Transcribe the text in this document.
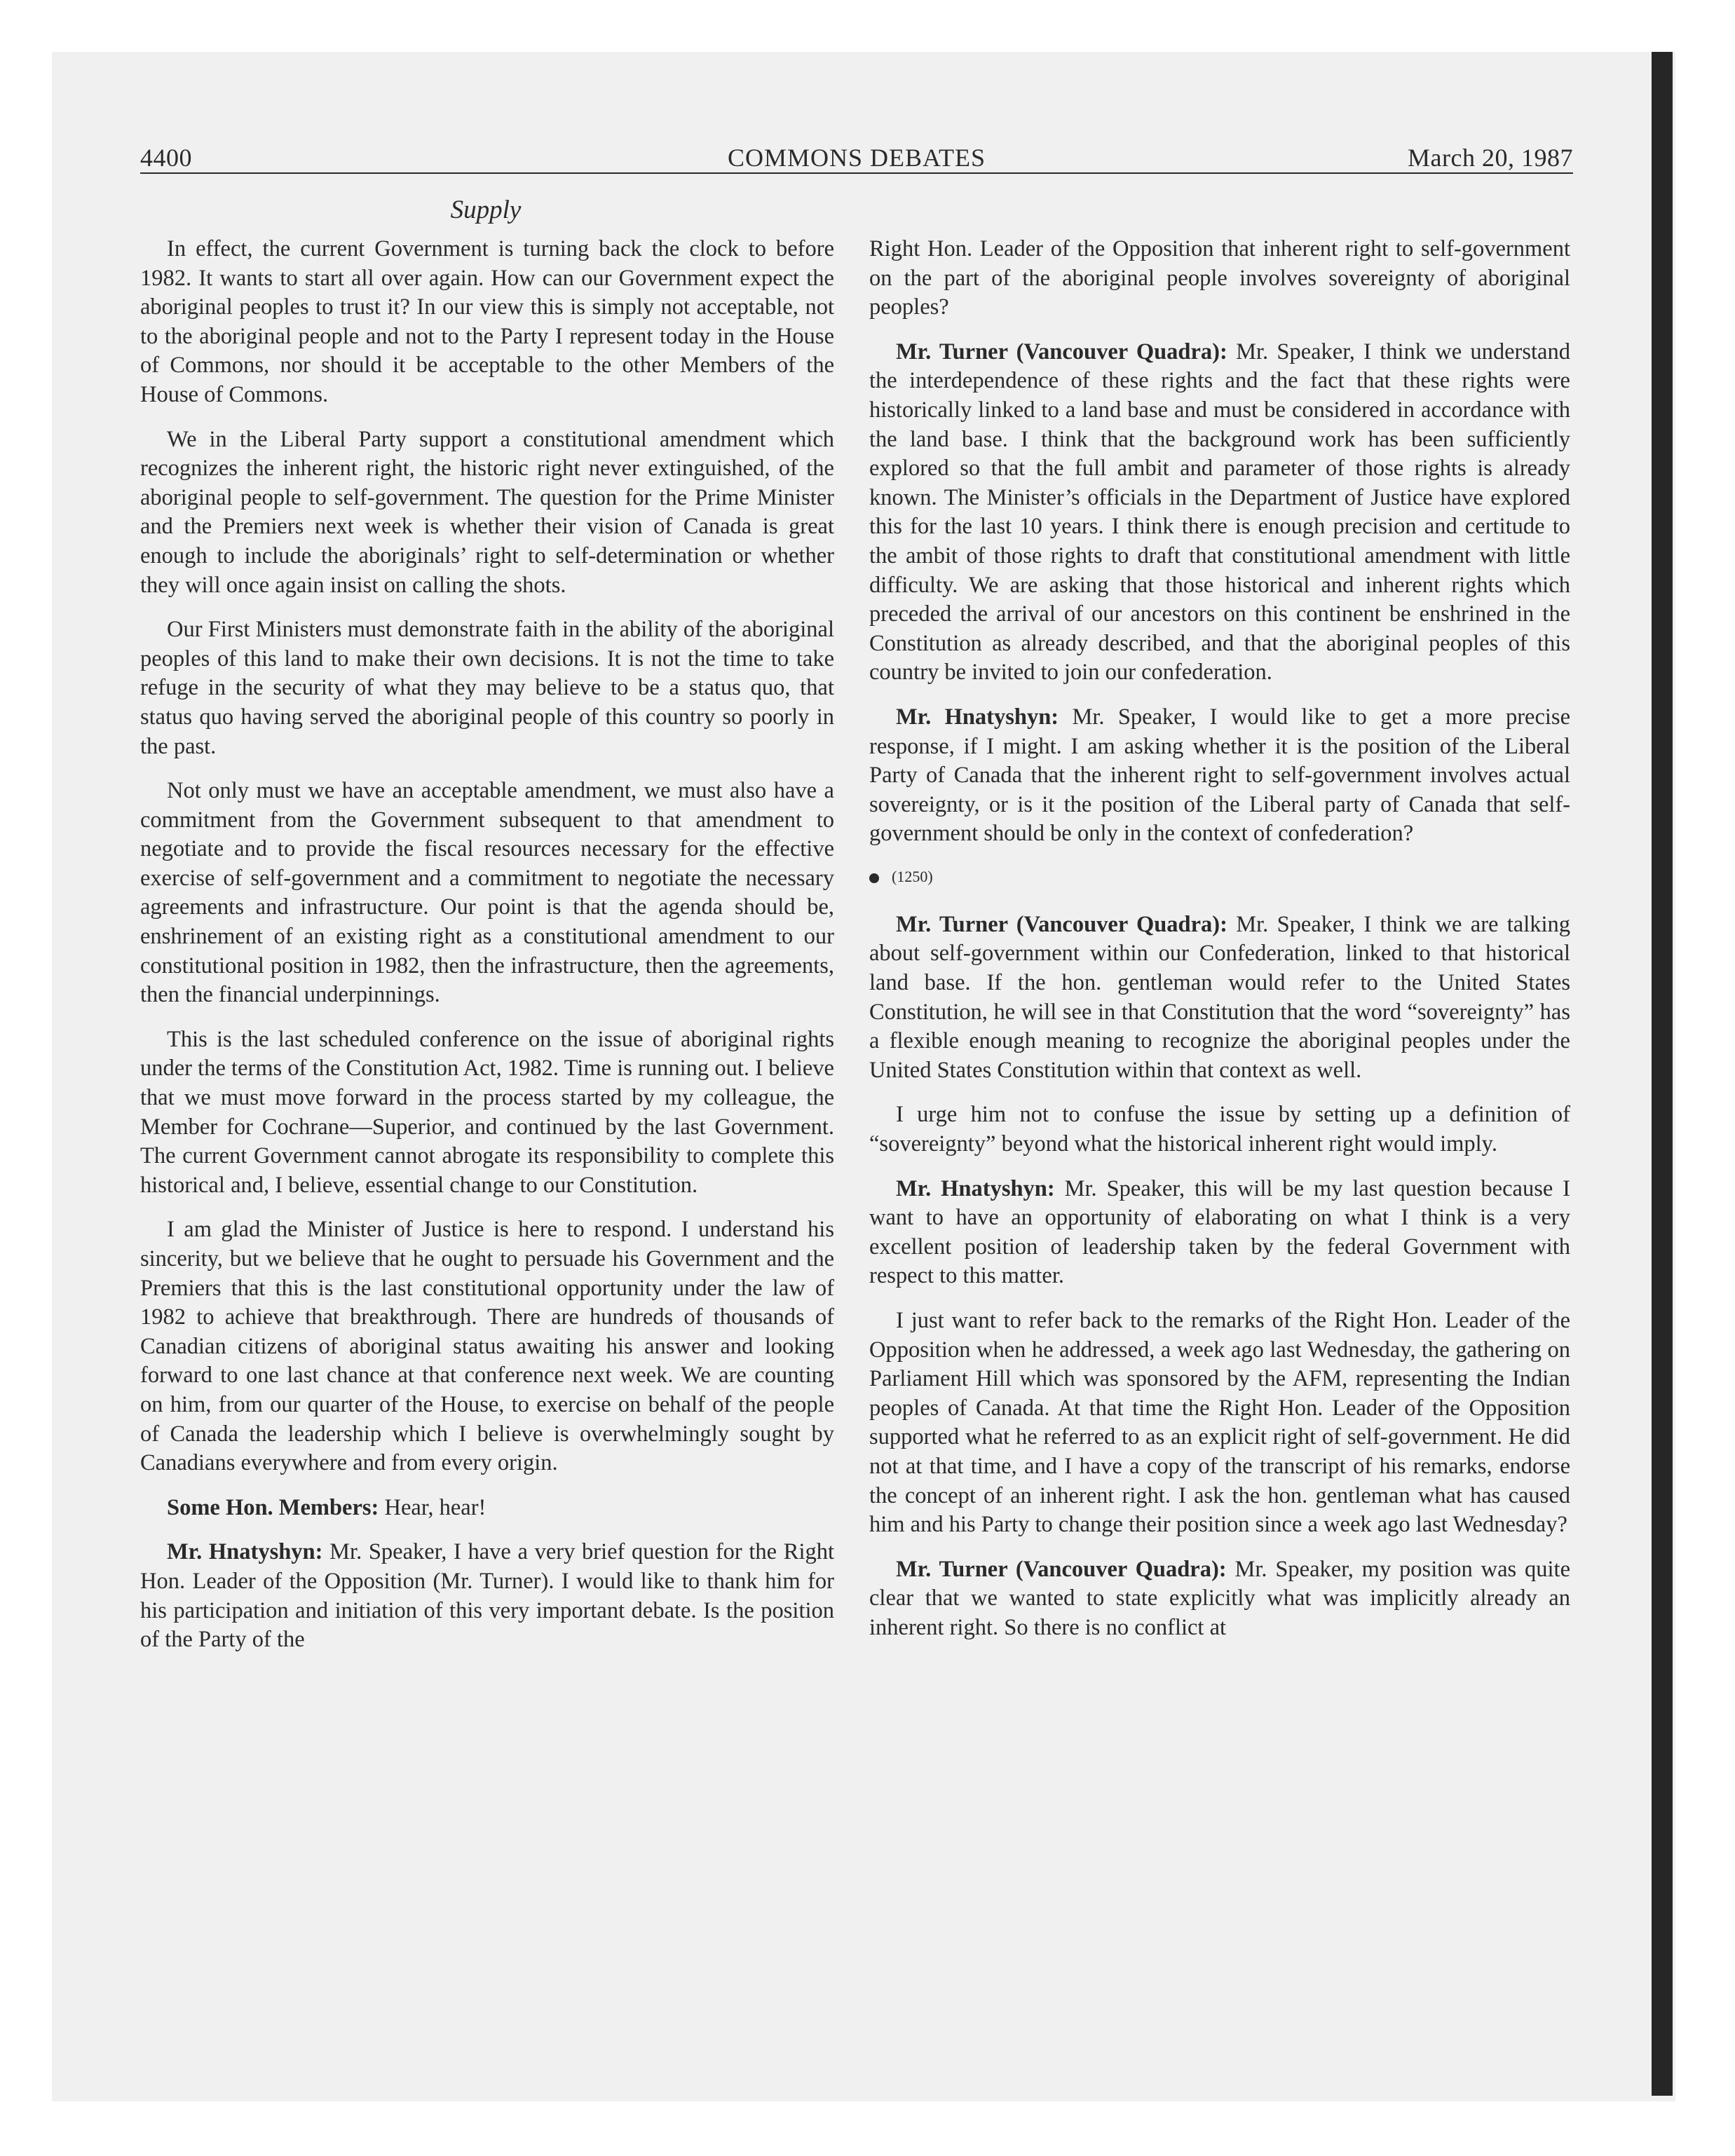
4400	COMMONS DEBATES	March 20, 1987
Supply

In effect, the current Government is turning back the clock to before 1982. It wants to start all over again. How can our Government expect the aboriginal peoples to trust it? In our view this is simply not acceptable, not to the aboriginal people and not to the Party I represent today in the House of Commons, nor should it be acceptable to the other Members of the House of Commons.

We in the Liberal Party support a constitutional amendment which recognizes the inherent right, the historic right never extinguished, of the aboriginal people to self-government. The question for the Prime Minister and the Premiers next week is whether their vision of Canada is great enough to include the aboriginals’ right to self-determination or whether they will once again insist on calling the shots.

Our First Ministers must demonstrate faith in the ability of the aboriginal peoples of this land to make their own decisions. It is not the time to take refuge in the security of what they may believe to be a status quo, that status quo having served the aboriginal people of this country so poorly in the past.

Not only must we have an acceptable amendment, we must also have a commitment from the Government subsequent to that amendment to negotiate and to provide the fiscal resources necessary for the effective exercise of self-government and a commitment to negotiate the necessary agreements and infrastructure. Our point is that the agenda should be, enshrinement of an existing right as a constitutional amendment to our constitutional position in 1982, then the infrastructure, then the agreements, then the financial underpinnings.

This is the last scheduled conference on the issue of aboriginal rights under the terms of the Constitution Act, 1982. Time is running out. I believe that we must move forward in the process started by my colleague, the Member for Cochrane—Superior, and continued by the last Government. The current Government cannot abrogate its responsibility to complete this historical and, I believe, essential change to our Constitution.

I am glad the Minister of Justice is here to respond. I understand his sincerity, but we believe that he ought to persuade his Government and the Premiers that this is the last constitutional opportunity under the law of 1982 to achieve that breakthrough. There are hundreds of thousands of Canadian citizens of aboriginal status awaiting his answer and looking forward to one last chance at that conference next week. We are counting on him, from our quarter of the House, to exercise on behalf of the people of Canada the leadership which I believe is overwhelmingly sought by Canadians everywhere and from every origin.

Some Hon. Members: Hear, hear!

Mr. Hnatyshyn: Mr. Speaker, I have a very brief question for the Right Hon. Leader of the Opposition (Mr. Turner). I would like to thank him for his participation and initiation of this very important debate. Is the position of the Party of the

Right Hon. Leader of the Opposition that inherent right to self-government on the part of the aboriginal people involves sovereignty of aboriginal peoples?

Mr. Turner (Vancouver Quadra): Mr. Speaker, I think we understand the interdependence of these rights and the fact that these rights were historically linked to a land base and must be considered in accordance with the land base. I think that the background work has been sufficiently explored so that the full ambit and parameter of those rights is already known. The Minister’s officials in the Department of Justice have explored this for the last 10 years. I think there is enough precision and certitude to the ambit of those rights to draft that constitutional amendment with little difficulty. We are asking that those historical and inherent rights which preceded the arrival of our ancestors on this continent be enshrined in the Constitution as already described, and that the aboriginal peoples of this country be invited to join our confederation.

Mr. Hnatyshyn: Mr. Speaker, I would like to get a more precise response, if I might. I am asking whether it is the position of the Liberal Party of Canada that the inherent right to self-government involves actual sovereignty, or is it the position of the Liberal party of Canada that self-government should be only in the context of confederation?

(1250)

Mr. Turner (Vancouver Quadra): Mr. Speaker, I think we are talking about self-government within our Confederation, linked to that historical land base. If the hon. gentleman would refer to the United States Constitution, he will see in that Constitution that the word “sovereignty” has a flexible enough meaning to recognize the aboriginal peoples under the United States Constitution within that context as well.

I urge him not to confuse the issue by setting up a definition of “sovereignty” beyond what the historical inherent right would imply.

Mr. Hnatyshyn: Mr. Speaker, this will be my last question because I want to have an opportunity of elaborating on what I think is a very excellent position of leadership taken by the federal Government with respect to this matter.

I just want to refer back to the remarks of the Right Hon. Leader of the Opposition when he addressed, a week ago last Wednesday, the gathering on Parliament Hill which was sponsored by the AFM, representing the Indian peoples of Canada. At that time the Right Hon. Leader of the Opposition supported what he referred to as an explicit right of self-government. He did not at that time, and I have a copy of the transcript of his remarks, endorse the concept of an inherent right. I ask the hon. gentleman what has caused him and his Party to change their position since a week ago last Wednesday?

Mr. Turner (Vancouver Quadra): Mr. Speaker, my position was quite clear that we wanted to state explicitly what was implicitly already an inherent right. So there is no conflict at
